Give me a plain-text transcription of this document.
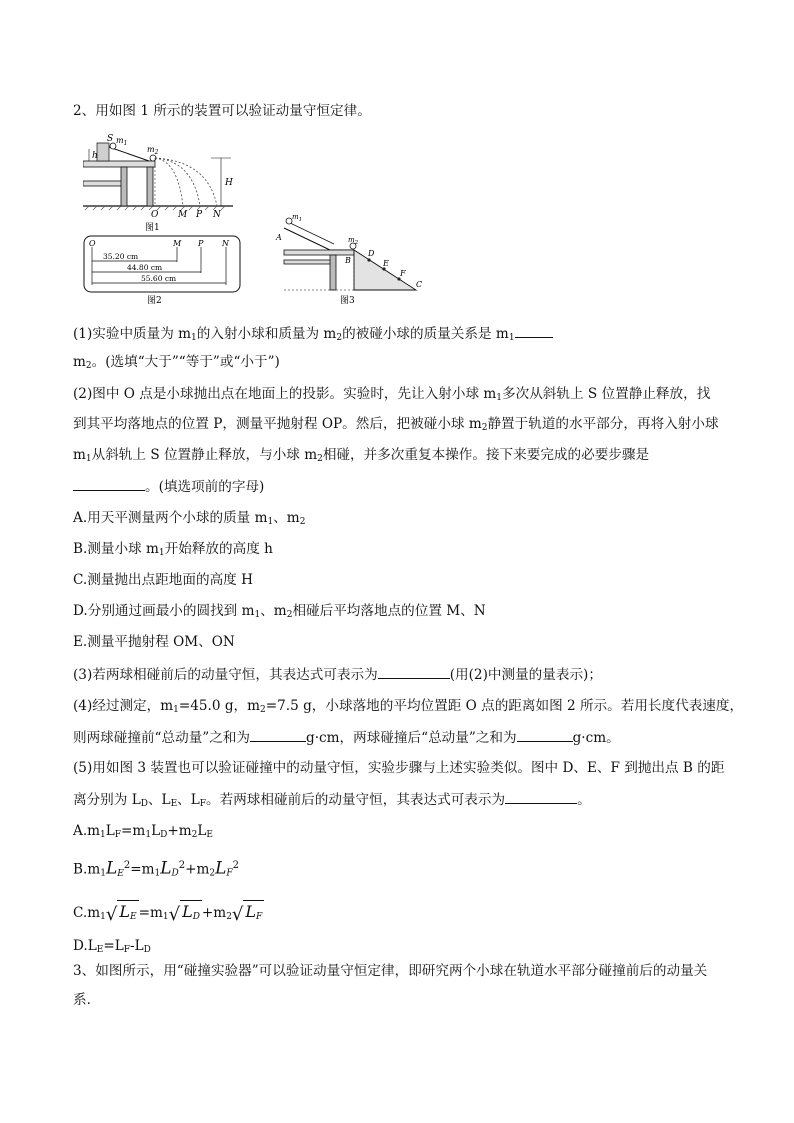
2、用如图 1 所示的装置可以验证动量守恒定律。
S $m_1$
h
$m_2$
H
O M P N
图1
O	M P N
35.20 cm
44.80 cm
55.60 cm
图2
A
$m_1$
$m_2$
B
D
E
F
C
图3
(1)实验中质量为 $m_1$的入射小球和质量为 $m_2$的被碰小球的质量关系是 $m_1$
$m_2$。(选填“大于”“等于”或“小于”)
(2)图中 O 点是小球抛出点在地面上的投影。实验时，先让入射小球 $m_1$多次从斜轨上 S 位置静止释放，找
到其平均落地点的位置 P，测量平抛射程 OP。然后，把被碰小球 $m_2$静置于轨道的水平部分，再将入射小球
$m_1$从斜轨上 S 位置静止释放，与小球 $m_2$相碰，并多次重复本操作。接下来要完成的必要步骤是
。(填选项前的字母)
A.用天平测量两个小球的质量 $m_1$、$m_2$
B.测量小球 $m_1$开始释放的高度 h
C.测量抛出点距地面的高度 H
D.分别通过画最小的圆找到 $m_1$、$m_2$相碰后平均落地点的位置 M、N
E.测量平抛射程 OM、ON
(3)若两球相碰前后的动量守恒，其表达式可表示为	(用(2)中测量的量表示)；
(4)经过测定，$m_1=45.0$ g，$m_2=7.5$ g，小球落地的平均位置距 O 点的距离如图 2 所示。若用长度代表速度，
则两球碰撞前“总动量”之和为	g·cm，两球碰撞后“总动量”之和为	g·cm。
(5)用如图 3 装置也可以验证碰撞中的动量守恒，实验步骤与上述实验类似。图中 D、E、F 到抛出点 B 的距
离分别为 $L_D$、$L_E$、$L_F$。若两球相碰前后的动量守恒，其表达式可表示为	。
$A.m_1L_F=m_1L_D+m_2L_E$
$B.m_1L_E^2=m_1L_D^2+m_2L_F^2$
$C.m_1√$ $L_E =m_1√$ $L_D +m_2√$ $L_F$
$D.L_E=L_F-L_D$
3、如图所示，用“碰撞实验器”可以验证动量守恒定律，即研究两个小球在轨道水平部分碰撞前后的动量关
系．
